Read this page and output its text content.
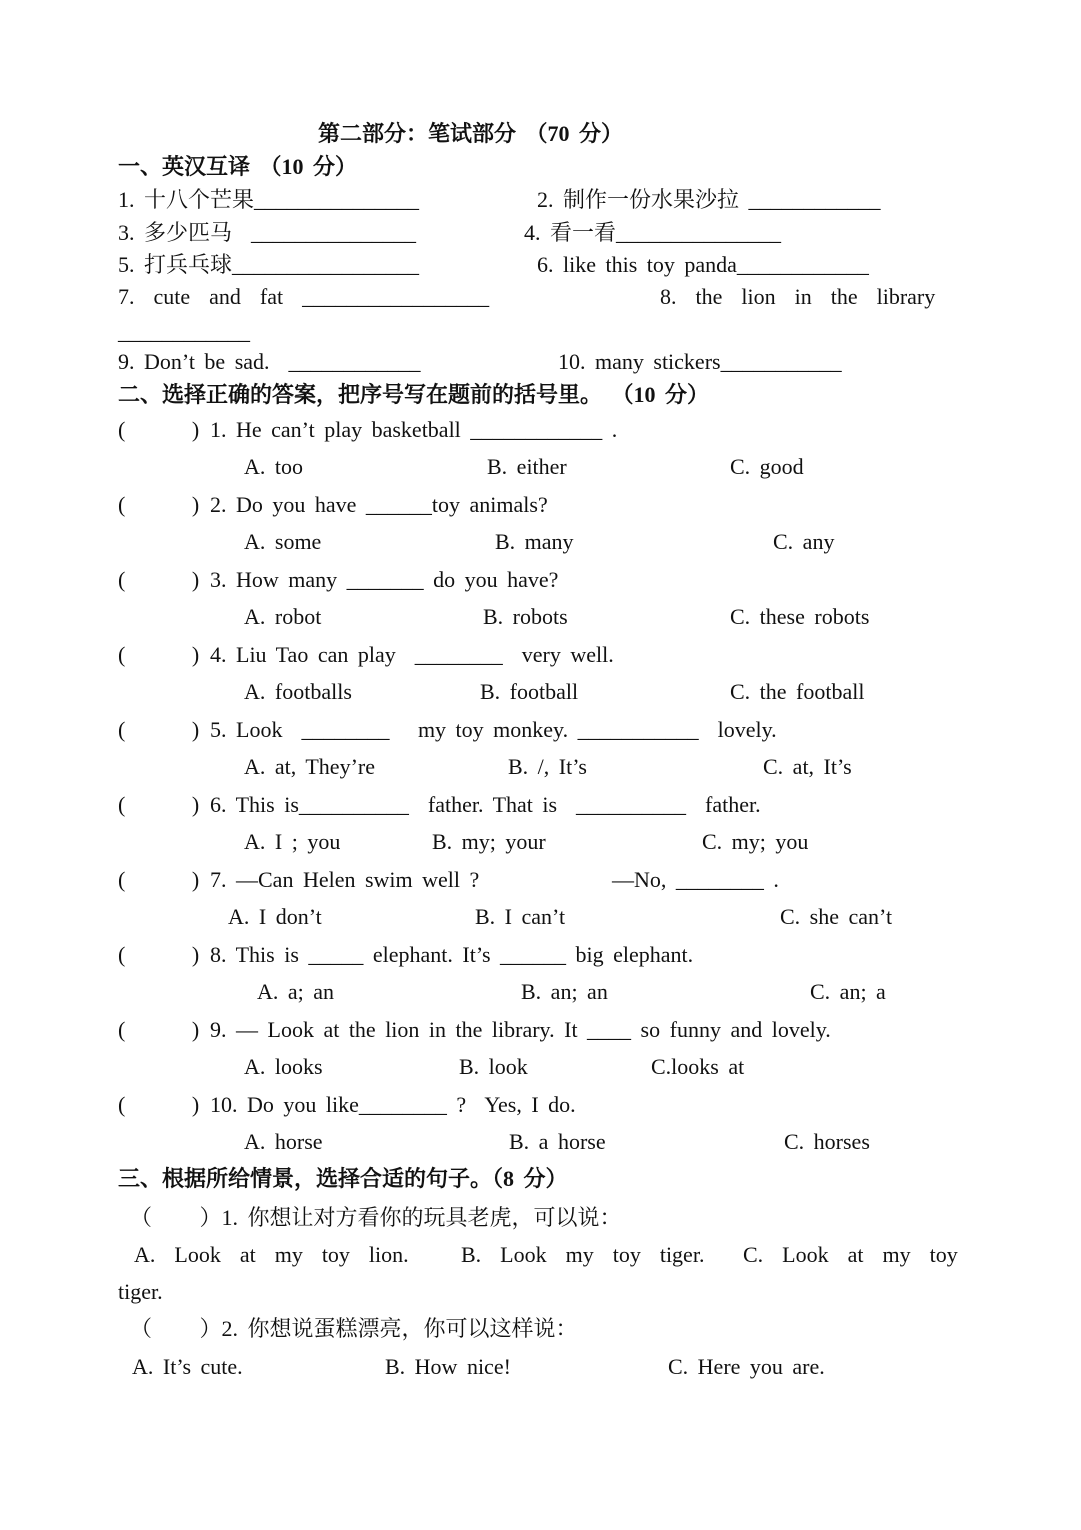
第二部分：笔试部分 （70 分）
一、英汉互译 （10 分）
1. 十八个芒果_______________	2. 制作一份水果沙拉 ____________
3. 多少匹马  _______________	4. 看一看_______________
5. 打兵乓球_________________	6. like this toy panda____________
7.  cute  and  fat  _________________	8.  the  lion  in  the  library
____________
9. Don’t be sad.  ____________	10. many stickers___________
二、选择正确的答案，把序号写在题前的括号里。 （10 分）
三、根据所给情景，选择合适的句子。（8 分）
（     ）1. 你想让对方看你的玩具老虎，可以说：
A.  Look  at  my  toy  lion. B.  Look  my  toy  tiger. C.  Look  at  my  toy
tiger.
（     ）2. 你想说蛋糕漂亮，你可以这样说：
A. It’s cute.	B. How nice!	C. Here you are.
(       ) 1. He can’t play basketball ____________ .
A. too	B. either	C. good
(       ) 2. Do you have ______toy animals?
A. some	B. many	C. any
(       ) 3. How many _______ do you have?
A. robot	B. robots	C. these robots
(       ) 4. Liu Tao can play  ________  very well.
A. footballs	B. football	C. the football
(       ) 5. Look  ________   my toy monkey. ___________  lovely.
A. at, They’re	B. /, It’s	C. at, It’s
(       ) 6. This is__________  father. That is  __________  father.
A. I ; you	B. my; your	C. my; you
(       ) 7. —Can Helen swim well ?	—No, ________ .
A. I don’t	B. I can’t	C. she can’t
(       ) 8. This is _____ elephant. It’s ______ big elephant.
A. a; an	B. an; an	C. an; a
(       ) 9. — Look at the lion in the library. It ____ so funny and lovely.
A. looks	B. look	C.looks at
(       ) 10. Do you like________ ?  Yes, I do.
A. horse	B. a horse	C. horses
